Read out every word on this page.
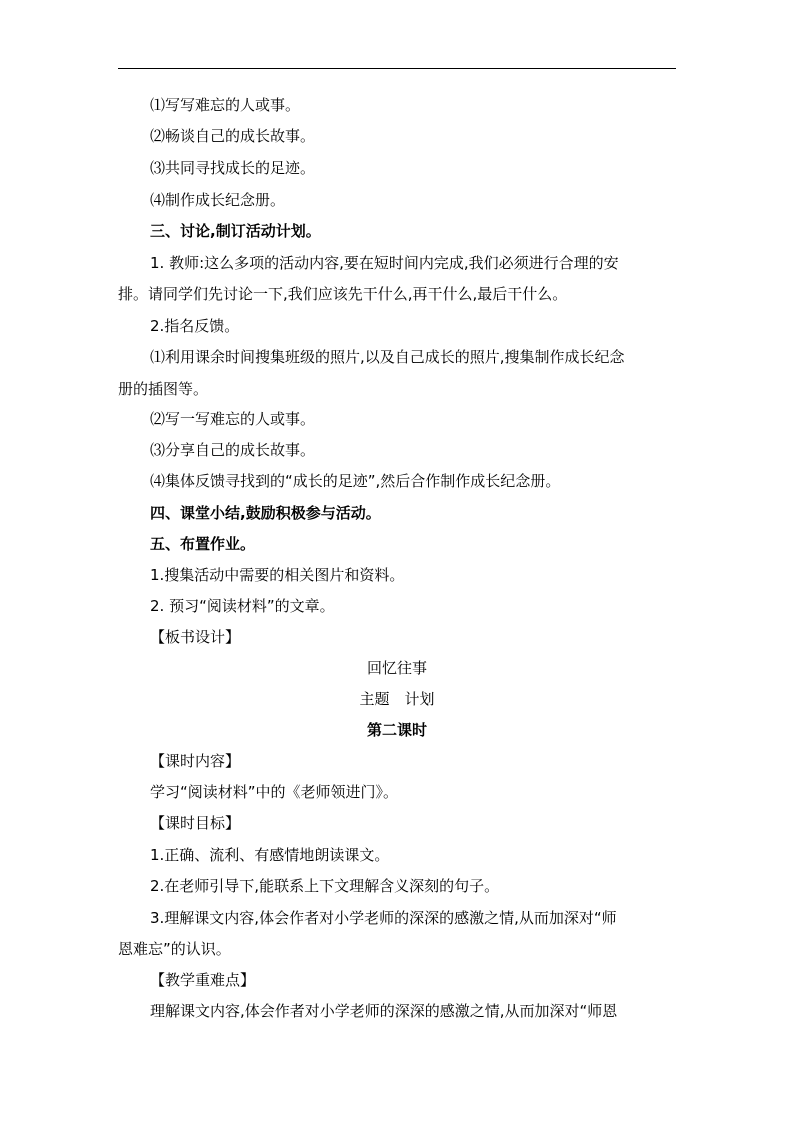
⑴写写难忘的人或事。
⑵畅谈自己的成长故事。
⑶共同寻找成长的足迹。
⑷制作成长纪念册。
三、讨论,制订活动计划。
1. 教师:这么多项的活动内容,要在短时间内完成,我们必须进行合理的安
排。请同学们先讨论一下,我们应该先干什么,再干什么,最后干什么。
2.指名反馈。
⑴利用课余时间搜集班级的照片,以及自己成长的照片,搜集制作成长纪念
册的插图等。
⑵写一写难忘的人或事。
⑶分享自己的成长故事。
⑷集体反馈寻找到的“成长的足迹”,然后合作制作成长纪念册。
四、课堂小结,鼓励积极参与活动。
五、布置作业。
1.搜集活动中需要的相关图片和资料。
2. 预习“阅读材料”的文章。
【板书设计】
回忆往事
主题　计划
第二课时
【课时内容】
学习“阅读材料”中的《老师领进门》。
【课时目标】
1.正确、流利、有感情地朗读课文。
2.在老师引导下,能联系上下文理解含义深刻的句子。
3.理解课文内容,体会作者对小学老师的深深的感激之情,从而加深对“师
恩难忘”的认识。
【教学重难点】
理解课文内容,体会作者对小学老师的深深的感激之情,从而加深对“师恩
